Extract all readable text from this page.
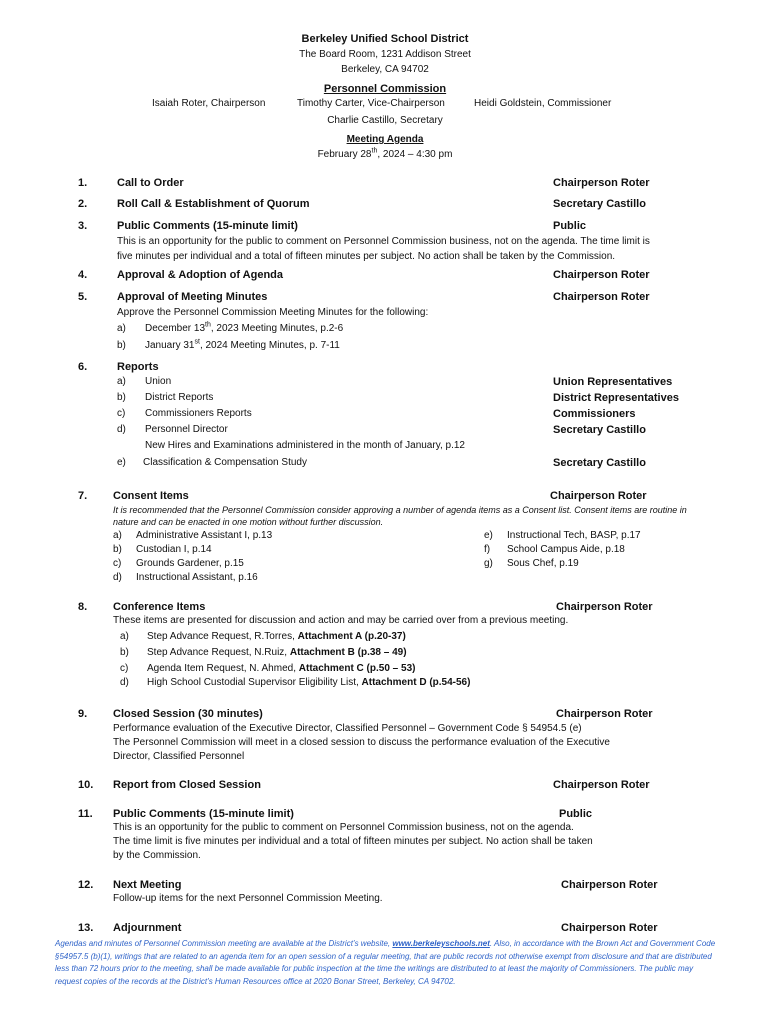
Berkeley Unified School District
The Board Room, 1231 Addison Street
Berkeley, CA 94702
Personnel Commission
Isaiah Roter, Chairperson	Timothy Carter, Vice-Chairperson	Heidi Goldstein, Commissioner
Charlie Castillo, Secretary
Meeting Agenda
February 28th, 2024 – 4:30 pm
1.	Call to Order	Chairperson Roter
2.	Roll Call & Establishment of Quorum	Secretary Castillo
3.	Public Comments (15-minute limit)	Public
This is an opportunity for the public to comment on Personnel Commission business, not on the agenda. The time limit is
five minutes per individual and a total of fifteen minutes per subject. No action shall be taken by the Commission.
4.	Approval & Adoption of Agenda	Chairperson Roter
5.	Approval of Meeting Minutes	Chairperson Roter
Approve the Personnel Commission Meeting Minutes for the following:
a) December 13th, 2023 Meeting Minutes, p.2-6
b) January 31st, 2024 Meeting Minutes, p. 7-11
6.	Reports
a) Union	Union Representatives
b) District Reports	District Representatives
c) Commissioners Reports	Commissioners
d) Personnel Director	Secretary Castillo
New Hires and Examinations administered in the month of January, p.12
e) Classification & Compensation Study	Secretary Castillo
7. Consent Items	Chairperson Roter
It is recommended that the Personnel Commission consider approving a number of agenda items as a Consent list. Consent items are routine in
nature and can be enacted in one motion without further discussion.
a) Administrative Assistant I, p.13
b) Custodian I, p.14
c) Grounds Gardener, p.15
d) Instructional Assistant, p.16
e) Instructional Tech, BASP, p.17
f) School Campus Aide, p.18
g) Sous Chef, p.19
8. Conference Items	Chairperson Roter
These items are presented for discussion and action and may be carried over from a previous meeting.
a) Step Advance Request, R.Torres, Attachment A (p.20-37)
b) Step Advance Request, N.Ruiz, Attachment B (p.38 – 49)
c) Agenda Item Request, N. Ahmed, Attachment C (p.50 – 53)
d) High School Custodial Supervisor Eligibility List, Attachment D (p.54-56)
9. Closed Session (30 minutes)	Chairperson Roter
Performance evaluation of the Executive Director, Classified Personnel – Government Code § 54954.5 (e)
The Personnel Commission will meet in a closed session to discuss the performance evaluation of the Executive
Director, Classified Personnel
10. Report from Closed Session	Chairperson Roter
11. Public Comments (15-minute limit)	Public
This is an opportunity for the public to comment on Personnel Commission business, not on the agenda.
The time limit is five minutes per individual and a total of fifteen minutes per subject. No action shall be taken
by the Commission.
12. Next Meeting	Chairperson Roter
Follow-up items for the next Personnel Commission Meeting.
13. Adjournment	Chairperson Roter
Agendas and minutes of Personnel Commission meeting are available at the District’s website, www.berkeleyschools.net. Also, in accordance with the Brown Act and Government Code §54957.5 (b)(1), writings that are related to an agenda item for an open session of a regular meeting, that are public records not otherwise exempt from disclosure and that are distributed less than 72 hours prior to the meeting, shall be made available for public inspection at the time the writings are distributed to at least the majority of Commissioners. The public may request copies of the records at the District’s Human Resources office at 2020 Bonar Street, Berkeley, CA 94702.
